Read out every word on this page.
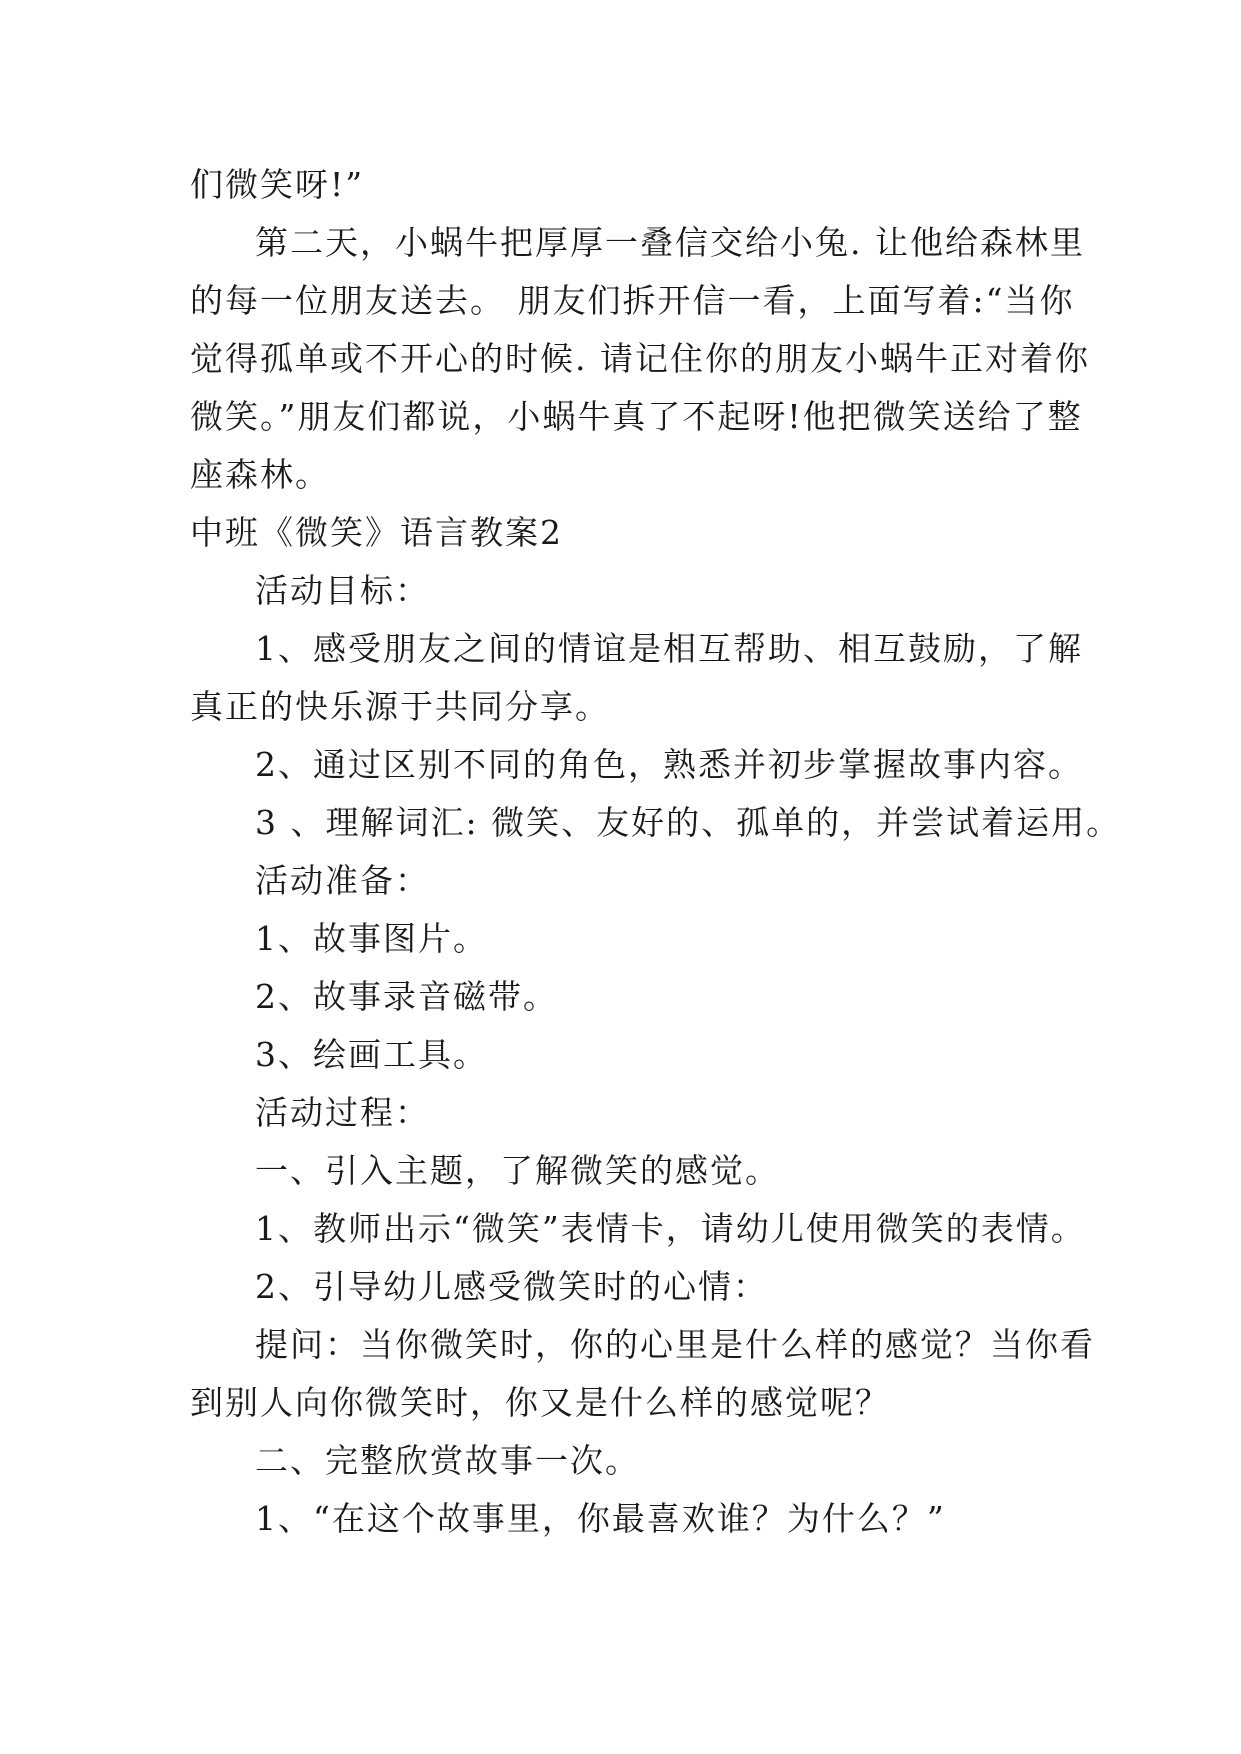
们微笑呀!”
第二天，小蜗牛把厚厚一叠信交给小兔. 让他给森林里
的每一位朋友送去。 朋友们拆开信一看，上面写着:“当你
觉得孤单或不开心的时候. 请记住你的朋友小蜗牛正对着你
微笑。”朋友们都说，小蜗牛真了不起呀!他把微笑送给了整
座森林。
中班《微笑》语言教案2
活动目标：
1、感受朋友之间的情谊是相互帮助、相互鼓励，了解
真正的快乐源于共同分享。
2、通过区别不同的角色，熟悉并初步掌握故事内容。
3 、理解词汇: 微笑、友好的、孤单的，并尝试着运用。
活动准备：
1、故事图片。
2、故事录音磁带。
3、绘画工具。
活动过程：
一、引入主题，了解微笑的感觉。
1、教师出示“微笑”表情卡，请幼儿使用微笑的表情。
2、引导幼儿感受微笑时的心情：
提问：当你微笑时，你的心里是什么样的感觉？当你看
到别人向你微笑时，你又是什么样的感觉呢？
二、完整欣赏故事一次。
1、“在这个故事里，你最喜欢谁？为什么？”
